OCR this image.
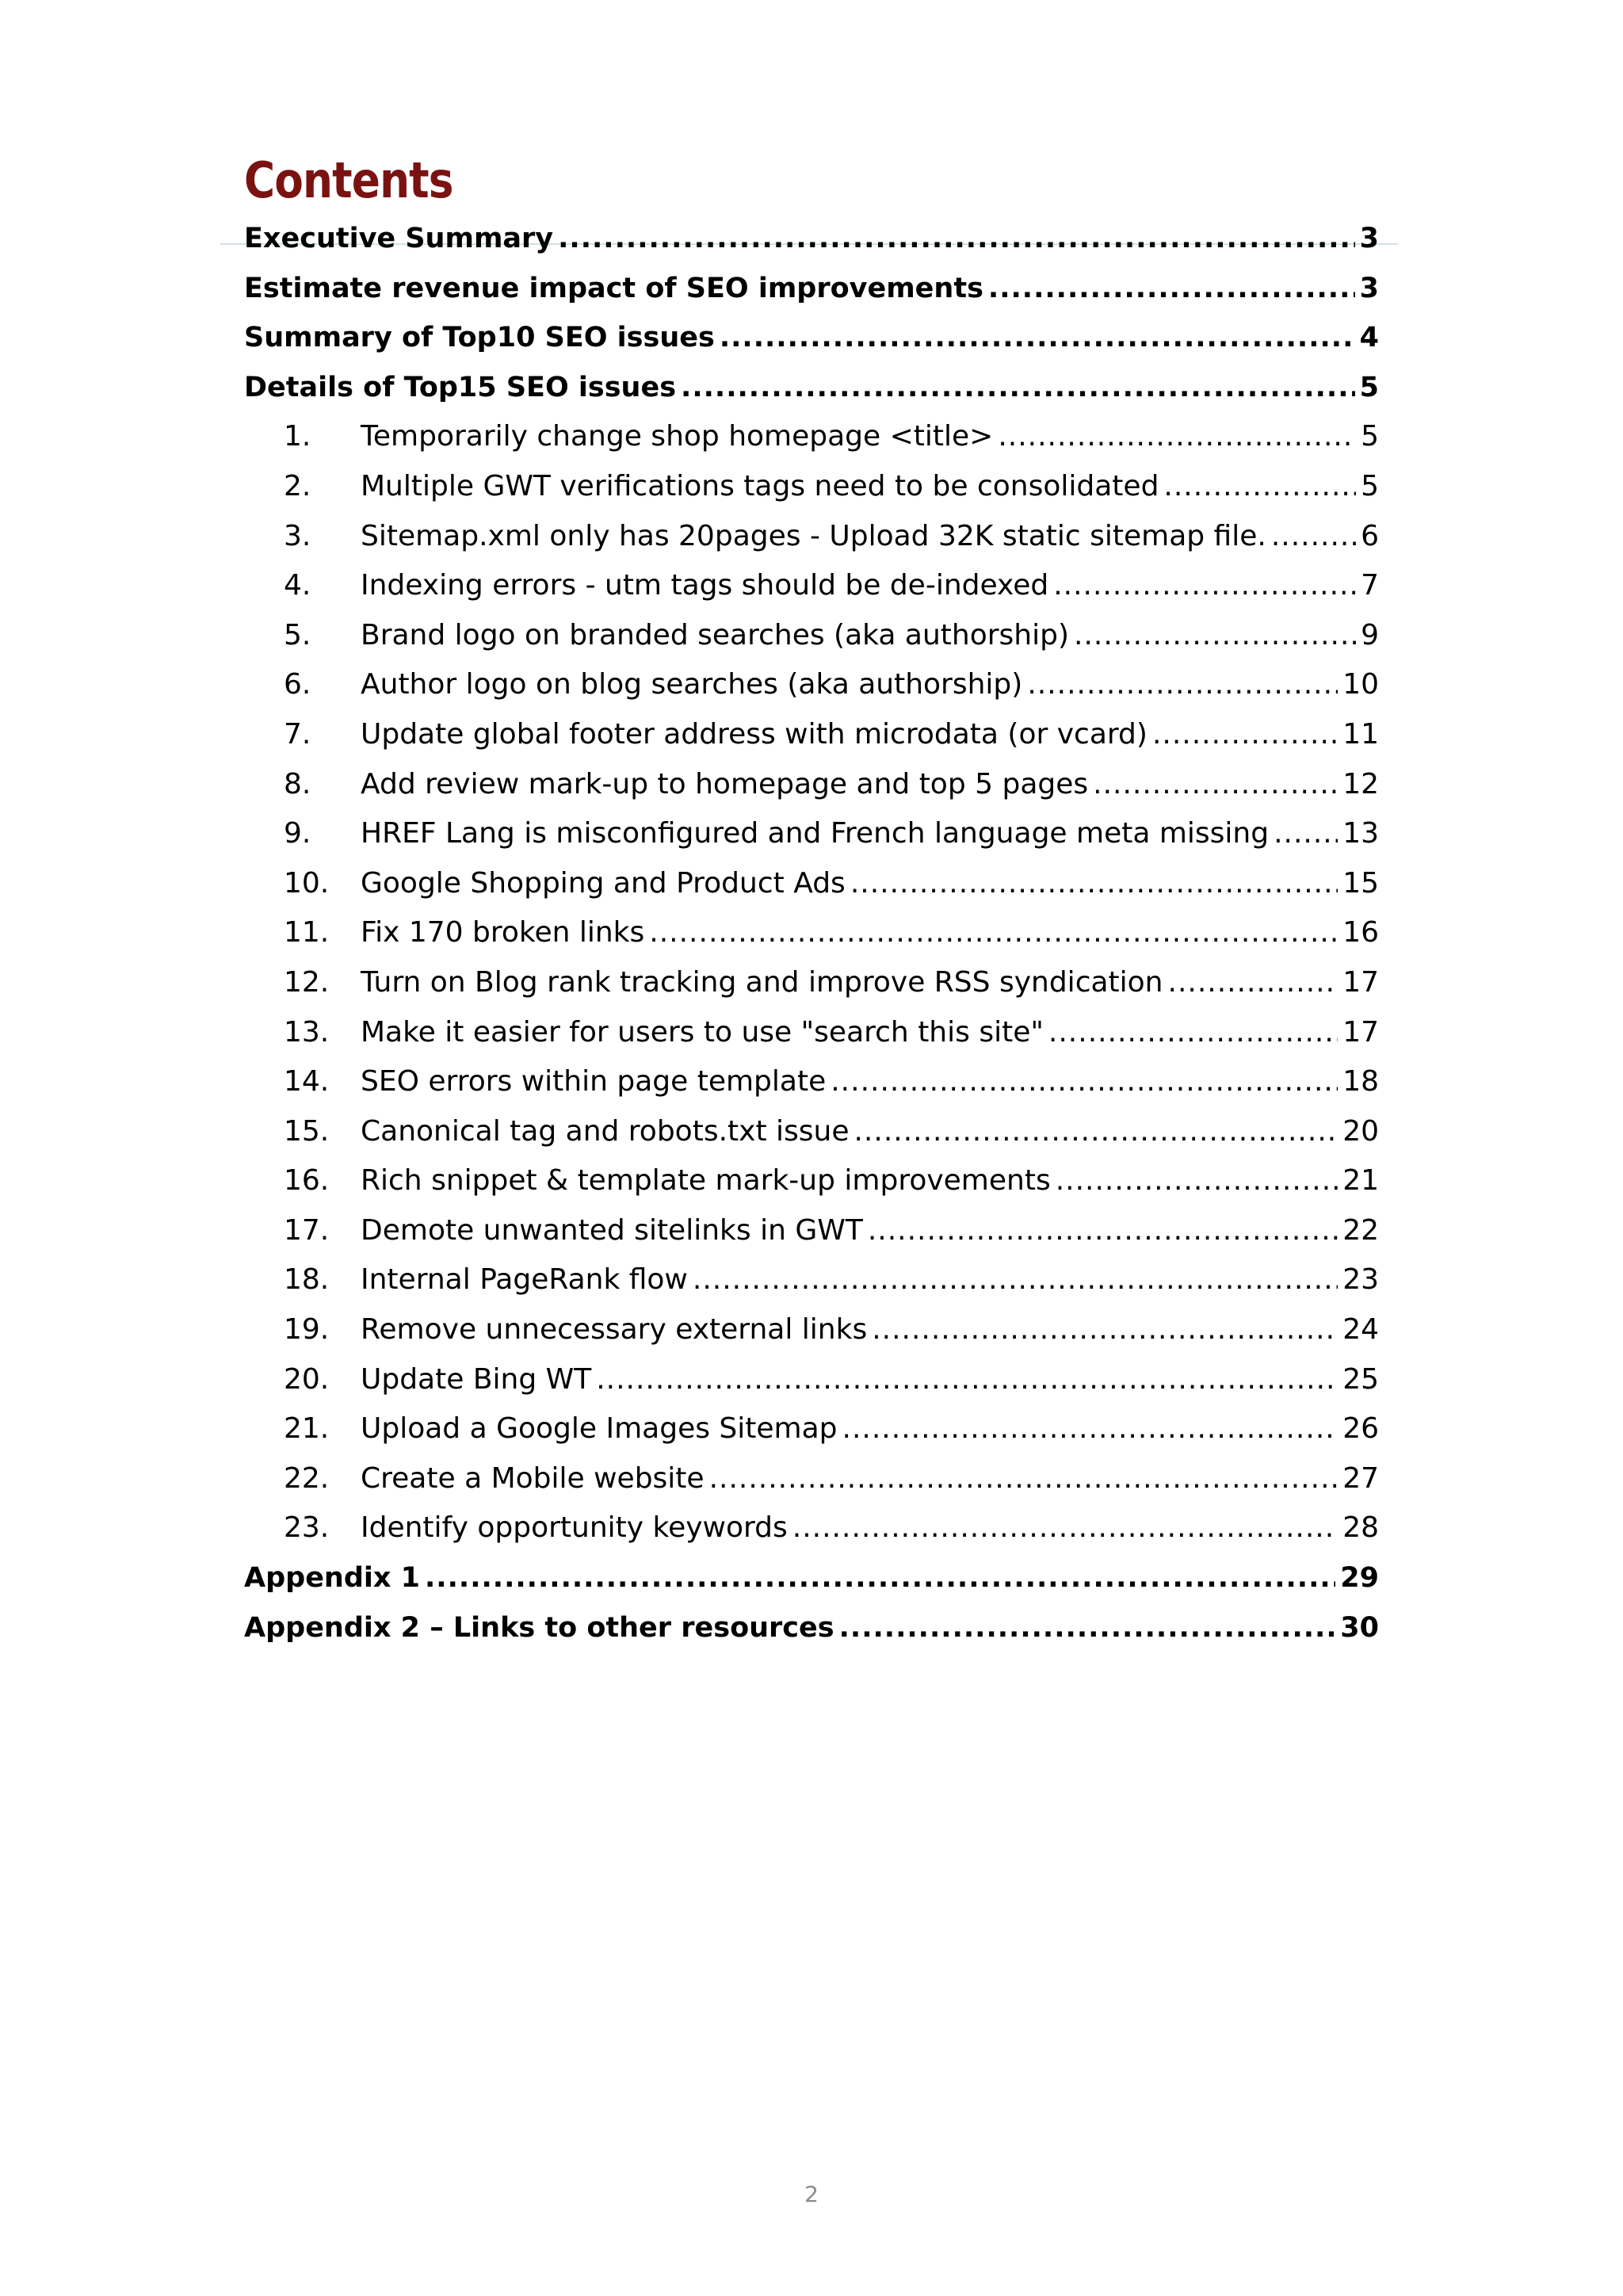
Contents
Executive Summary .....	3
Estimate revenue impact of SEO improvements .....	3
Summary of Top10 SEO issues .....	4
Details of Top15 SEO issues .....	5
1.	Temporarily change shop homepage <title> .....	5
2.	Multiple GWT verifications tags need to be consolidated .....	5
3.	Sitemap.xml only has 20pages - Upload 32K static sitemap file. .....	6
4.	Indexing errors - utm tags should be de-indexed .....	7
5.	Brand logo on branded searches (aka authorship) .....	9
6.	Author logo on blog searches (aka authorship) .....	10
7.	Update global footer address with microdata (or vcard) .....	11
8.	Add review mark-up to homepage and top 5 pages .....	12
9.	HREF Lang is misconfigured and French language meta missing .....	13
10.	Google Shopping and Product Ads .....	15
11.	Fix 170 broken links .....	16
12.	Turn on Blog rank tracking and improve RSS syndication .....	17
13.	Make it easier for users to use "search this site" .....	17
14.	SEO errors within page template .....	18
15.	Canonical tag and robots.txt issue .....	20
16.	Rich snippet & template mark-up improvements .....	21
17.	Demote unwanted sitelinks in GWT .....	22
18.	Internal PageRank flow .....	23
19.	Remove unnecessary external links .....	24
20.	Update Bing WT .....	25
21.	Upload a Google Images Sitemap .....	26
22.	Create a Mobile website .....	27
23.	Identify opportunity keywords .....	28
Appendix 1 .....	29
Appendix 2 – Links to other resources .....	30
2
